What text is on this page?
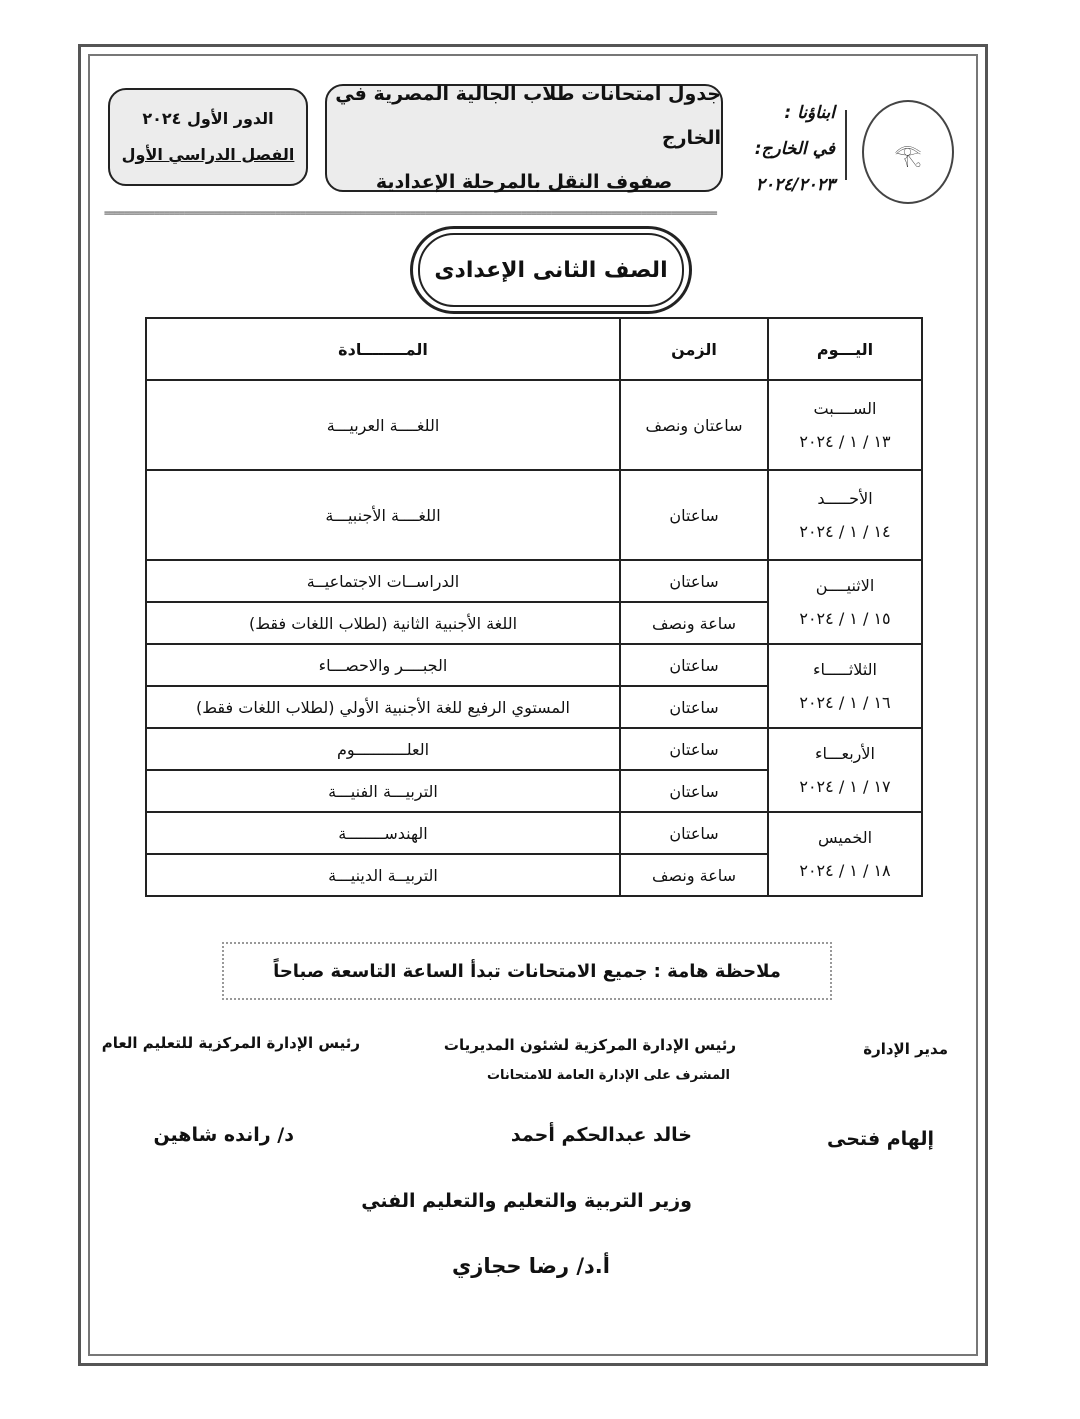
𓂀
ابناؤنا :
في الخارج:
٢٠٢٤/٢٠٢٣
جدول امتحانات طلاب الجالية المصرية في الخارج
صفوف النقل بالمرحلة الإعدادية
الدور الأول ٢٠٢٤
الفصل الدراسي الأول
==========================================================================================================================
الصف الثانى الإعدادى
اليـــوم	الزمن	المــــــــادة

الســــبت
١٣ / ١ / ٢٠٢٤	ساعتان ونصف	اللغــــة العربيـــة

الأحـــــد
١٤ / ١ / ٢٠٢٤	ساعتان	اللغــــة الأجنبيـــة

الاثنيــــن
١٥ / ١ / ٢٠٢٤	ساعتان	الدراســات الاجتماعيــة
	ساعة ونصف	اللغة الأجنبية الثانية (لطلاب اللغات فقط)

الثلاثـــــاء
١٦ / ١ / ٢٠٢٤	ساعتان	الجبــــر والاحصـــاء
	ساعتان	المستوي الرفيع للغة الأجنبية الأولي (لطلاب اللغات فقط)

الأربعـــاء
١٧ / ١ / ٢٠٢٤	ساعتان	العلـــــــــــوم
	ساعتان	التربيـــة الفنيـــة

الخميس
١٨ / ١ / ٢٠٢٤	ساعتان	الهندســــــــة
	ساعة ونصف	التربيــة الدينيـــة
ملاحظة هامة : جميع الامتحانات تبدأ الساعة التاسعة صباحاً
مدير الإدارة
إلهام فتحى
رئيس الإدارة المركزية لشئون المديريات
المشرف على الإدارة العامة للامتحانات
خالد عبدالحكم أحمد
رئيس الإدارة المركزية للتعليم العام
د/ رانده شاهين
وزير التربية والتعليم والتعليم الفني
أ.د/ رضا حجازي
